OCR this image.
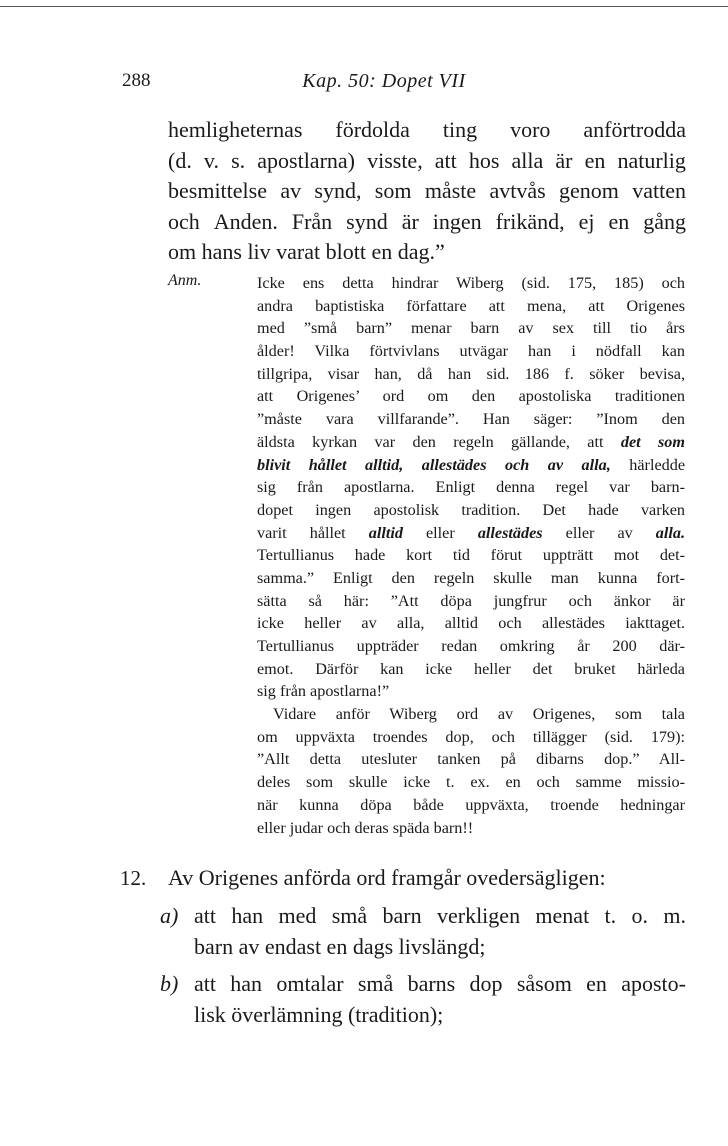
288	Kap. 50: Dopet VII
hemligheternas fördolda ting voro anförtrodda
(d. v. s. apostlarna) visste, att hos alla är en naturlig
besmittelse av synd, som måste avtvås genom vatten
och Anden. Från synd är ingen frikänd, ej en gång
om hans liv varat blott en dag.”
Anm.	Icke ens detta hindrar Wiberg (sid. 175, 185) och
andra baptistiska författare att mena, att Origenes
med ”små barn” menar barn av sex till tio års
ålder! Vilka förtvivlans utvägar han i nödfall kan
tillgripa, visar han, då han sid. 186 f. söker bevisa,
att Origenes’ ord om den apostoliska traditionen
”måste vara villfarande”. Han säger: ”Inom den
äldsta kyrkan var den regeln gällande, att det som
blivit hållet alltid, allestädes och av alla, härledde
sig från apostlarna. Enligt denna regel var barn-
dopet ingen apostolisk tradition. Det hade varken
varit hållet alltid eller allestädes eller av alla.
Tertullianus hade kort tid förut uppträtt mot det-
samma.” Enligt den regeln skulle man kunna fort-
sätta så här: ”Att döpa jungfrur och änkor är
icke heller av alla, alltid och allestädes iakttaget.
Tertullianus uppträder redan omkring år 200 där-
emot. Därför kan icke heller det bruket härleda
sig från apostlarna!”
Vidare anför Wiberg ord av Origenes, som tala
om uppväxta troendes dop, och tillägger (sid. 179):
”Allt detta utesluter tanken på dibarns dop.” All-
deles som skulle icke t. ex. en och samme missio-
när kunna döpa både uppväxta, troende hedningar
eller judar och deras späda barn!!
12. Av Origenes anförda ord framgår ovedersägligen:
a) att han med små barn verkligen menat t. o. m.
barn av endast en dags livslängd;
b) att han omtalar små barns dop såsom en aposto-
lisk överlämning (tradition);
